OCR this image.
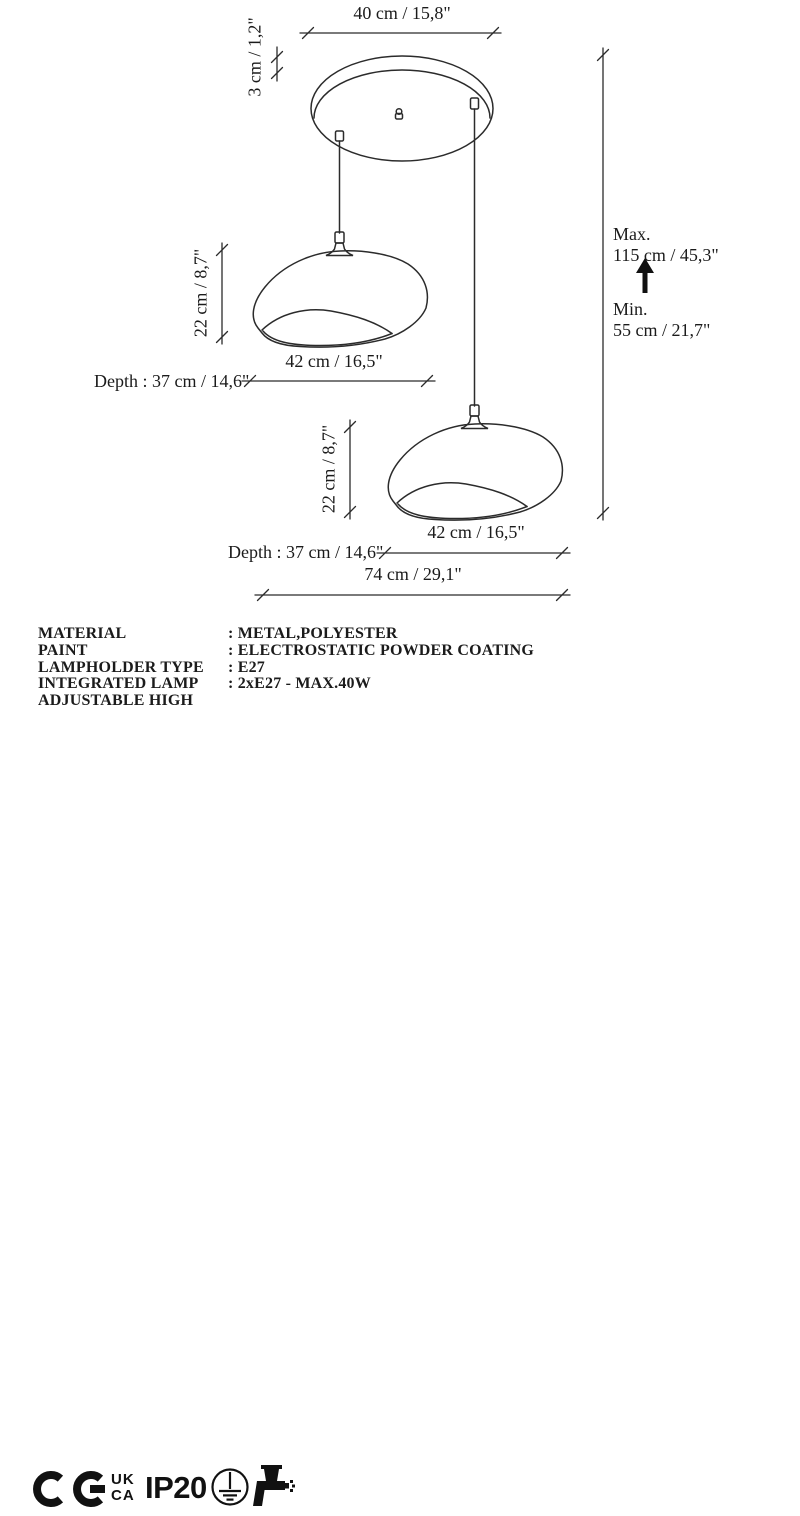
40 cm / 15,8"
3 cm / 1,2"
22 cm / 8,7"
42 cm / 16,5"
Depth : 37 cm / 14,6"
22 cm / 8,7"
42 cm / 16,5"
Depth : 37 cm / 14,6"
74 cm / 29,1"
Max.
115 cm / 45,3"
Min.
55 cm / 21,7"
MATERIAL	: METAL,POLYESTER
PAINT	: ELECTROSTATIC POWDER COATING
LAMPHOLDER TYPE	: E27
INTEGRATED LAMP	: 2xE27 - MAX.40W
ADJUSTABLE HIGH
UK
CA IP20
